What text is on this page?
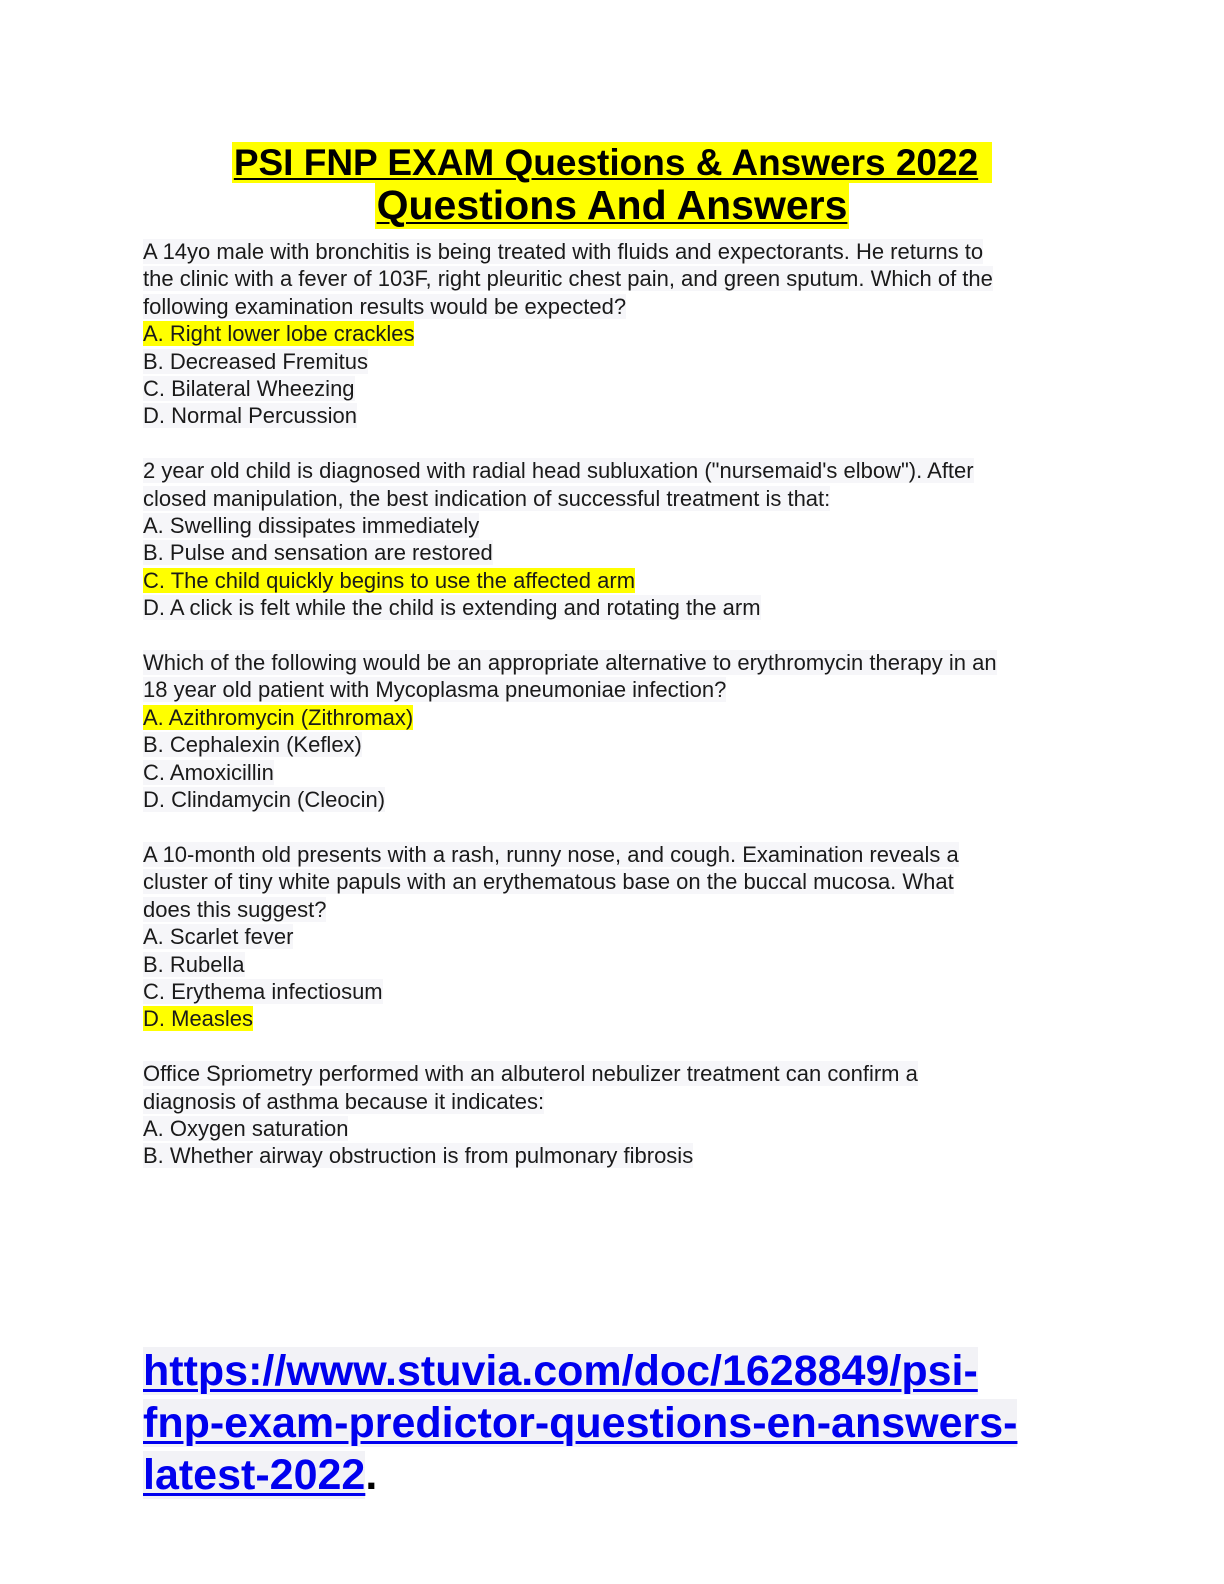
PSI FNP EXAM Questions & Answers 2022
Questions And Answers
A 14yo male with bronchitis is being treated with fluids and expectorants. He returns to
the clinic with a fever of 103F, right pleuritic chest pain, and green sputum. Which of the
following examination results would be expected?
A. Right lower lobe crackles
B. Decreased Fremitus
C. Bilateral Wheezing
D. Normal Percussion
2 year old child is diagnosed with radial head subluxation ("nursemaid's elbow"). After
closed manipulation, the best indication of successful treatment is that:
A. Swelling dissipates immediately
B. Pulse and sensation are restored
C. The child quickly begins to use the affected arm
D. A click is felt while the child is extending and rotating the arm
Which of the following would be an appropriate alternative to erythromycin therapy in an
18 year old patient with Mycoplasma pneumoniae infection?
A. Azithromycin (Zithromax)
B. Cephalexin (Keflex)
C. Amoxicillin
D. Clindamycin (Cleocin)
A 10-month old presents with a rash, runny nose, and cough. Examination reveals a
cluster of tiny white papuls with an erythematous base on the buccal mucosa. What
does this suggest?
A. Scarlet fever
B. Rubella
C. Erythema infectiosum
D. Measles
Office Spriometry performed with an albuterol nebulizer treatment can confirm a
diagnosis of asthma because it indicates:
A. Oxygen saturation
B. Whether airway obstruction is from pulmonary fibrosis
https://www.stuvia.com/doc/1628849/psi-
fnp-exam-predictor-questions-en-answers-
latest-2022.
